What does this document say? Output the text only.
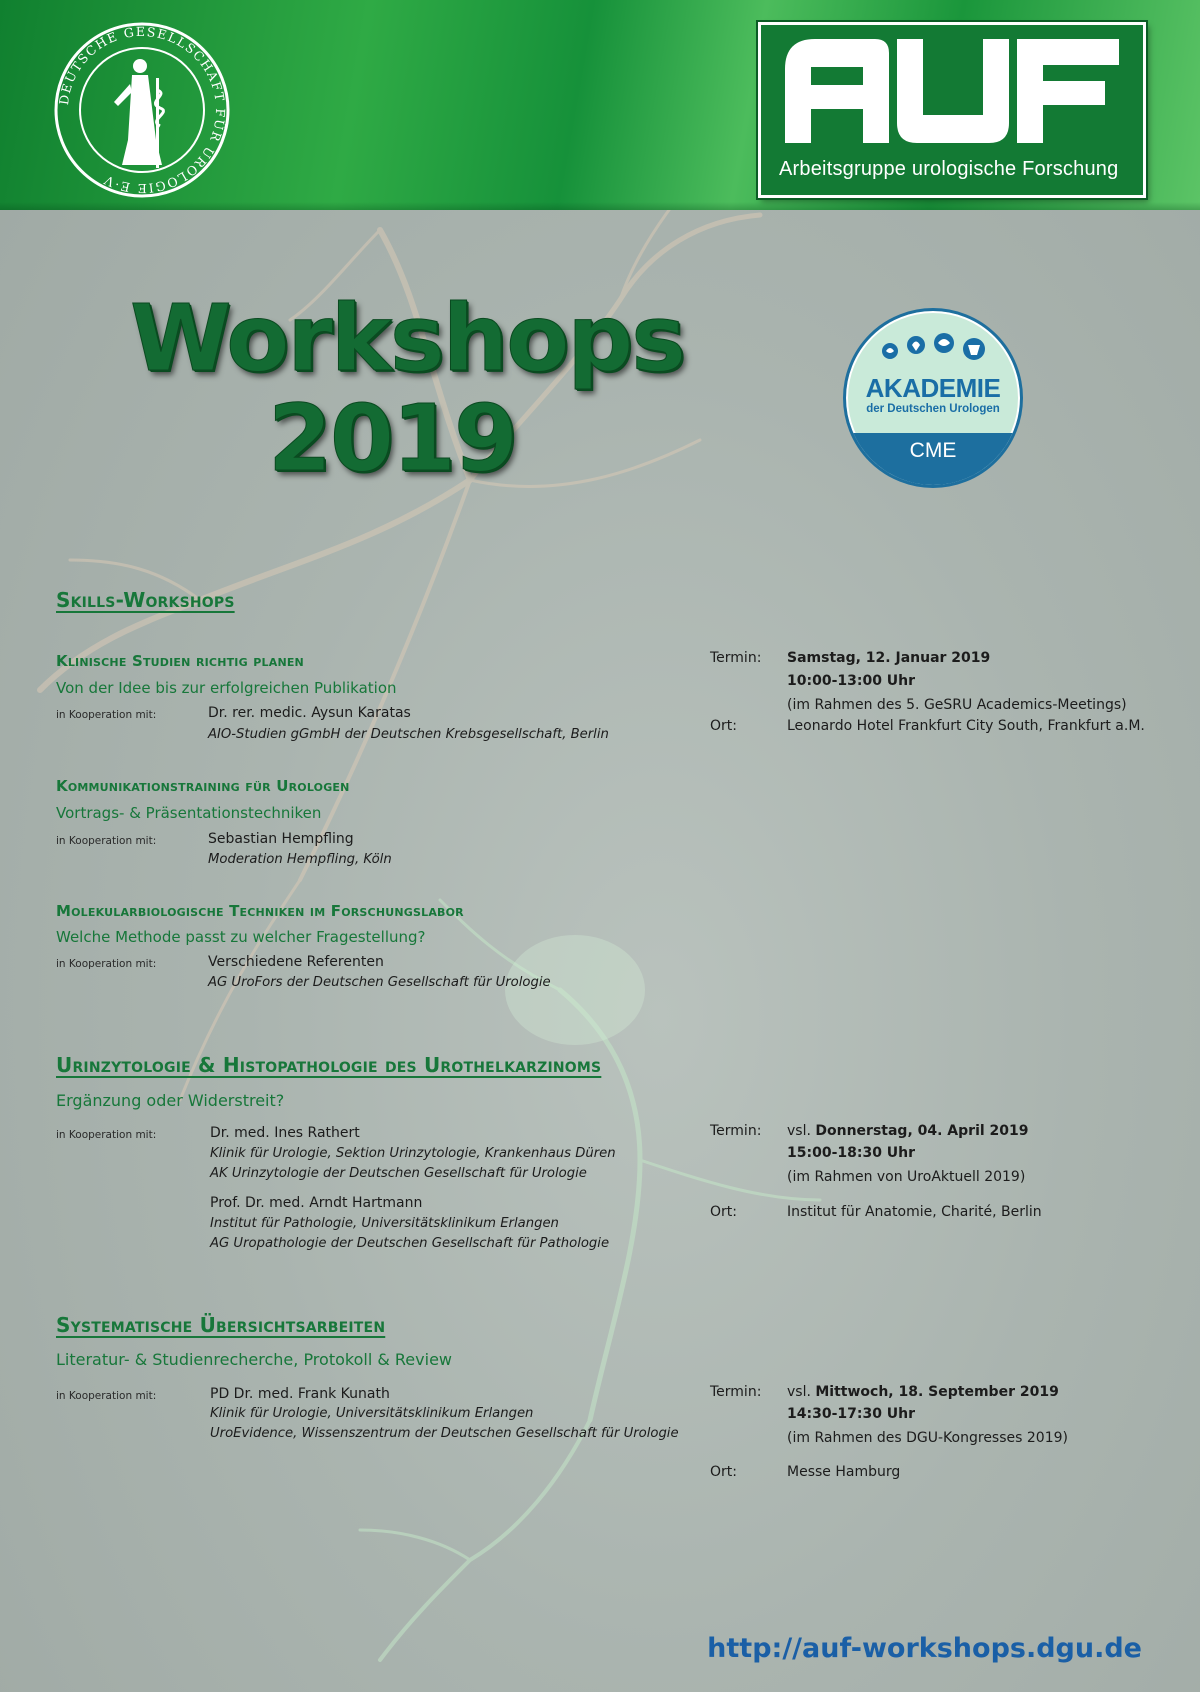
DEUTSCHE GESELLSCHAFT FÜR UROLOGIE E·V
Arbeitsgruppe urologische Forschung
Workshops
2019	AKADEMIE
der Deutschen Urologen
CME
Skills-Workshops
Klinische Studien richtig planen
Von der Idee bis zur erfolgreichen Publikation
in Kooperation mit:	Dr. rer. medic. Aysun Karatas
AIO-Studien gGmbH der Deutschen Krebsgesellschaft, Berlin
Kommunikationstraining für Urologen
Vortrags- & Präsentationstechniken
in Kooperation mit:	Sebastian Hempfling
Moderation Hempfling, Köln
Molekularbiologische Techniken im Forschungslabor
Welche Methode passt zu welcher Fragestellung?
in Kooperation mit:	Verschiedene Referenten
AG UroFors der Deutschen Gesellschaft für Urologie
Termin: Samstag, 12. Januar 2019
10:00-13:00 Uhr
(im Rahmen des 5. GeSRU Academics-Meetings)
Ort:	Leonardo Hotel Frankfurt City South, Frankfurt a.M.
Urinzytologie & Histopathologie des Urothelkarzinoms
Ergänzung oder Widerstreit?
in Kooperation mit:	Dr. med. Ines Rathert
Klinik für Urologie, Sektion Urinzytologie, Krankenhaus Düren
AK Urinzytologie der Deutschen Gesellschaft für Urologie
Prof. Dr. med. Arndt Hartmann
Institut für Pathologie, Universitätsklinikum Erlangen
AG Uropathologie der Deutschen Gesellschaft für Pathologie
Termin: vsl. Donnerstag, 04. April 2019
15:00-18:30 Uhr
(im Rahmen von UroAktuell 2019)
Ort:	Institut für Anatomie, Charité, Berlin
Systematische Übersichtsarbeiten
Literatur- & Studienrecherche, Protokoll & Review
in Kooperation mit:	PD Dr. med. Frank Kunath
Klinik für Urologie, Universitätsklinikum Erlangen
UroEvidence, Wissenszentrum der Deutschen Gesellschaft für Urologie
Termin: vsl. Mittwoch, 18. September 2019
14:30-17:30 Uhr
(im Rahmen des DGU-Kongresses 2019)
Ort:	Messe Hamburg
http://auf-workshops.dgu.de
